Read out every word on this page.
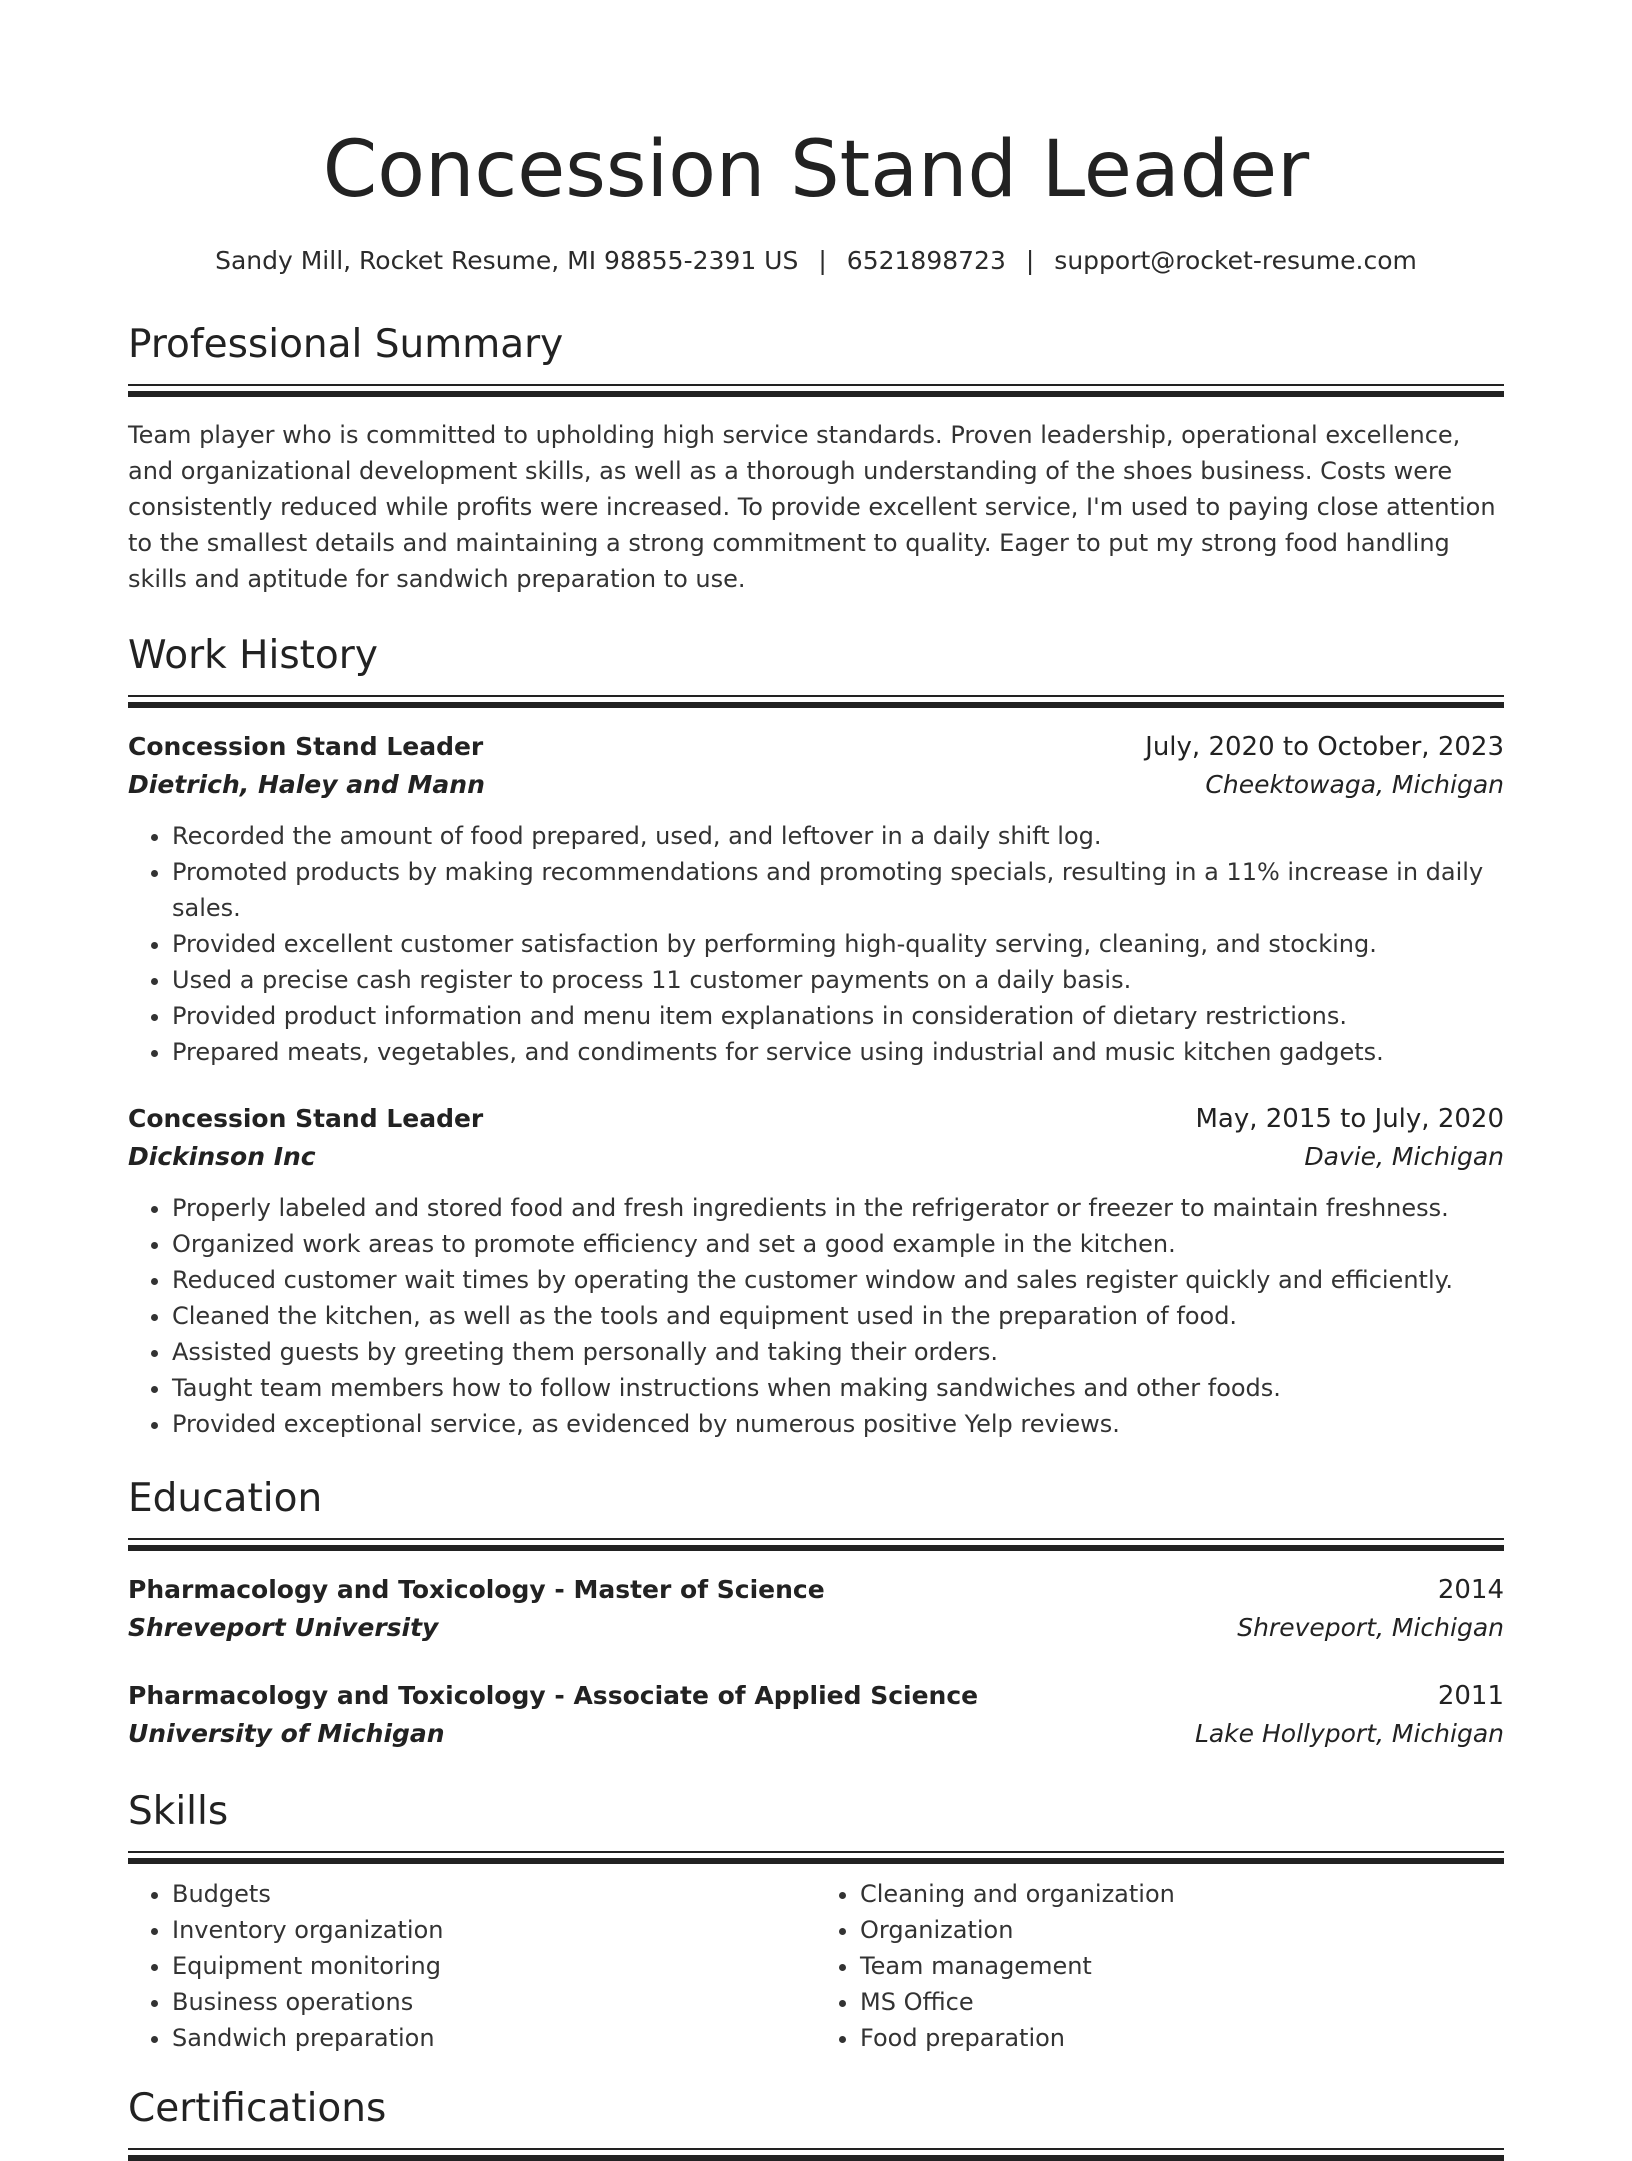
Concession Stand Leader
Sandy Mill, Rocket Resume, MI 98855-2391 US | 6521898723 | support@rocket-resume.com
Professional Summary

Team player who is committed to upholding high service standards. Proven leadership, operational excellence, and organizational development skills, as well as a thorough understanding of the shoes business. Costs were consistently reduced while profits were increased. To provide excellent service, I'm used to paying close attention to the smallest details and maintaining a strong commitment to quality. Eager to put my strong food handling skills and aptitude for sandwich preparation to use.

Work History
Concession Stand Leader	July, 2020 to October, 2023
Dietrich, Haley and Mann	Cheektowaga, Michigan
• Recorded the amount of food prepared, used, and leftover in a daily shift log.
• Promoted products by making recommendations and promoting specials, resulting in a 11% increase in daily sales.
• Provided excellent customer satisfaction by performing high-quality serving, cleaning, and stocking.
• Used a precise cash register to process 11 customer payments on a daily basis.
• Provided product information and menu item explanations in consideration of dietary restrictions.
• Prepared meats, vegetables, and condiments for service using industrial and music kitchen gadgets.
Concession Stand Leader	May, 2015 to July, 2020
Dickinson Inc	Davie, Michigan
• Properly labeled and stored food and fresh ingredients in the refrigerator or freezer to maintain freshness.
• Organized work areas to promote efficiency and set a good example in the kitchen.
• Reduced customer wait times by operating the customer window and sales register quickly and efficiently.
• Cleaned the kitchen, as well as the tools and equipment used in the preparation of food.
• Assisted guests by greeting them personally and taking their orders.
• Taught team members how to follow instructions when making sandwiches and other foods.
• Provided exceptional service, as evidenced by numerous positive Yelp reviews.
Education
Pharmacology and Toxicology - Master of Science	2014
Shreveport University	Shreveport, Michigan
Pharmacology and Toxicology - Associate of Applied Science	2011
University of Michigan	Lake Hollyport, Michigan
Skills
• Budgets
• Inventory organization
• Equipment monitoring
• Business operations
• Sandwich preparation
• Cleaning and organization
• Organization
• Team management
• MS Office
• Food preparation
Certifications
